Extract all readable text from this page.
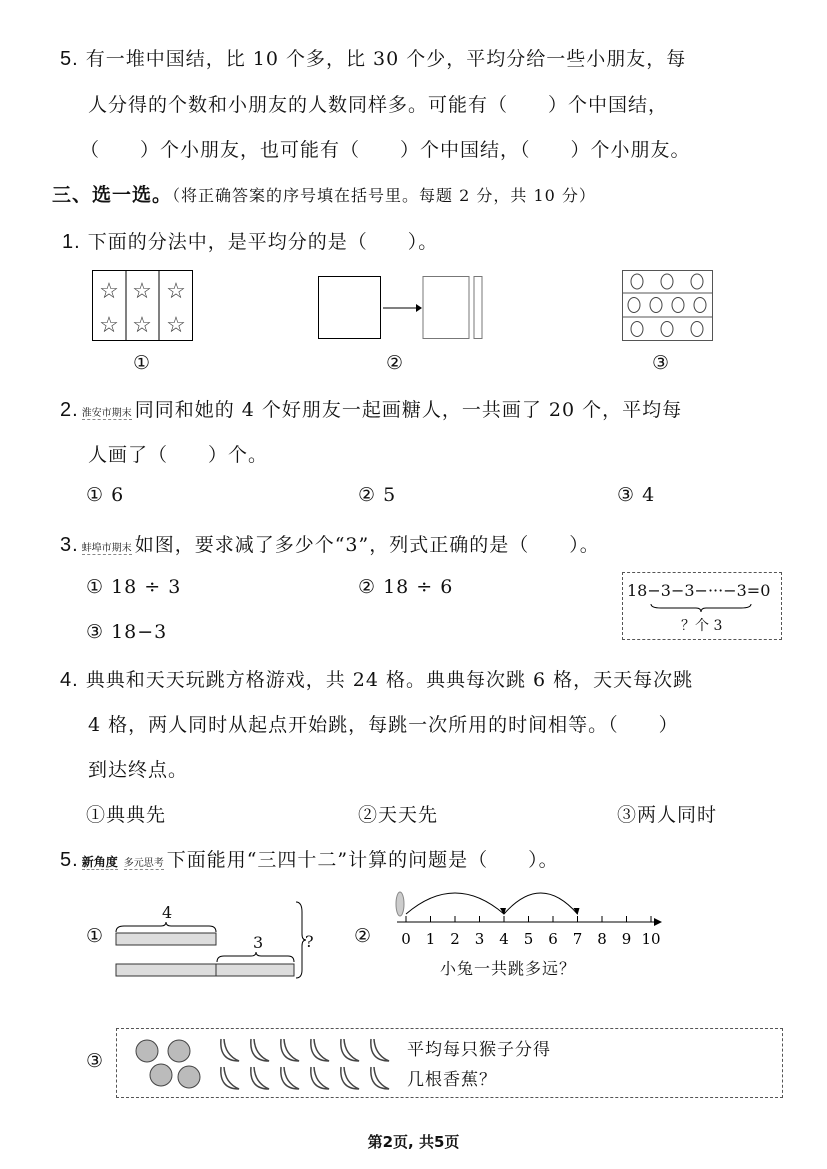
5. 有一堆中国结，比 10 个多，比 30 个少，平均分给一些小朋友，每
人分得的个数和小朋友的人数同样多。可能有（　　）个中国结，
（　　）个小朋友，也可能有（　　）个中国结，（　　）个小朋友。
三、选一选。（将正确答案的序号填在括号里。每题 2 分，共 10 分）
1. 下面的分法中，是平均分的是（　　）。
☆ ☆ ☆
☆ ☆ ☆
①	②	③
2. 淮安市期末 同同和她的 4 个好朋友一起画糖人，一共画了 20 个，平均每
人画了（　　）个。
① 6	② 5	③ 4
3. 蚌埠市期末 如图，要求减了多少个“3”，列式正确的是（　　）。
① 18 ÷ 3	② 18 ÷ 6
③ 18−3
18−3−3−···−3=0
？个 3
4. 典典和天天玩跳方格游戏，共 24 格。典典每次跳 6 格，天天每次跳
4 格，两人同时从起点开始跳，每跳一次所用的时间相等。（　　）
到达终点。
①典典先	②天天先	③两人同时
5. 新角度 多元思考 下面能用“三四十二”计算的问题是（　　）。
①
4
3	? ② 0 1 2 3 4 5 6 7 8 9 10
小兔一共跳多远？
③	平均每只猴子分得
几根香蕉？
第2页, 共5页
